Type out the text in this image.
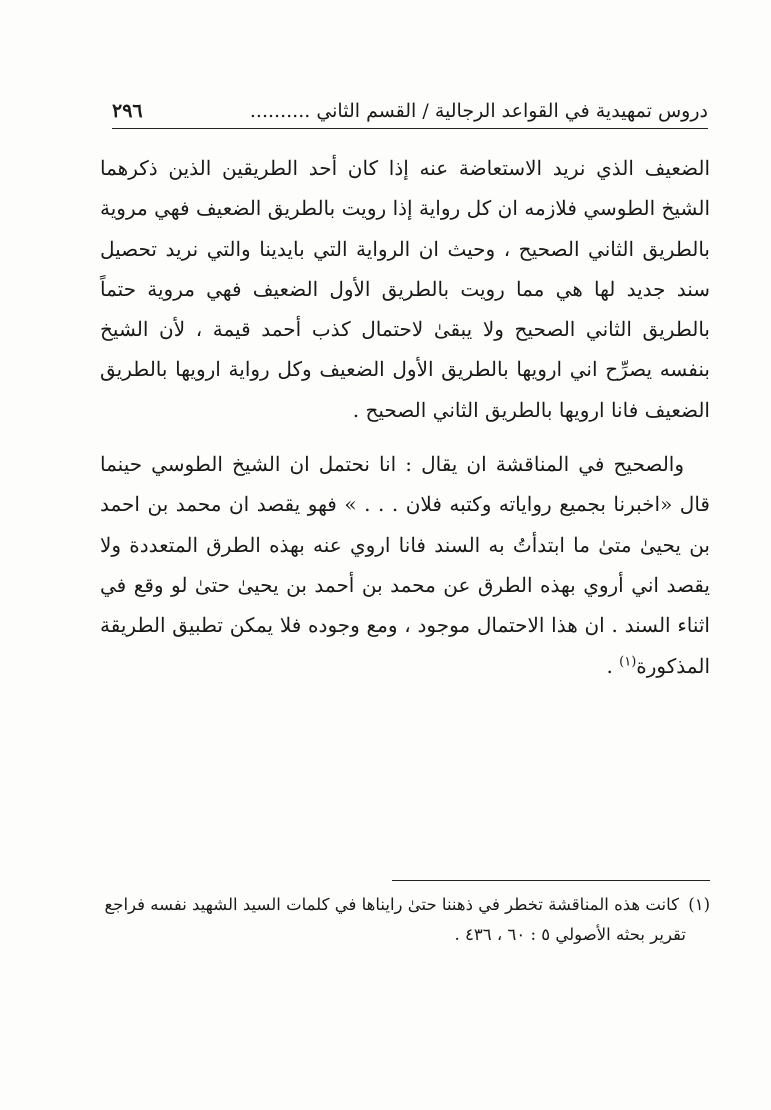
دروس تمهيدية في القواعد الرجالية / القسم الثاني .....
٢٩٦

الضعيف الذي نريد الاستعاضة عنه إذا كان أحد الطريقين الذين ذكرهما الشيخ الطوسي فلازمه ان كل رواية إذا رويت بالطريق الضعيف فهي مروية بالطريق الثاني الصحيح ، وحيث ان الرواية التي بايدينا والتي نريد تحصيل سند جديد لها هي مما رويت بالطريق الأول الضعيف فهي مروية حتماً بالطريق الثاني الصحيح ولا يبقىٰ لاحتمال كذب أحمد قيمة ، لأن الشيخ بنفسه يصرِّح اني ارويها بالطريق الأول الضعيف وكل رواية ارويها بالطريق الضعيف فانا ارويها بالطريق الثاني الصحيح .

والصحيح في المناقشة ان يقال : انا نحتمل ان الشيخ الطوسي حينما قال «اخبرنا بجميع رواياته وكتبه فلان . . . » فهو يقصد ان محمد بن احمد بن يحيىٰ متىٰ ما ابتدأتُ به السند فانا اروي عنه بهذه الطرق المتعددة ولا يقصد اني أروي بهذه الطرق عن محمد بن أحمد بن يحيىٰ حتىٰ لو وقع في اثناء السند . ان هذا الاحتمال موجود ، ومع وجوده فلا يمكن تطبيق الطريقة المذكورة$^{(١)}$ .

(١) كانت هذه المناقشة تخطر في ذهننا حتىٰ رايناها في كلمات السيد الشهيد نفسه فراجع

تقرير بحثه الأصولي ٥ : ٦٠ ، ٤٣٦ .
